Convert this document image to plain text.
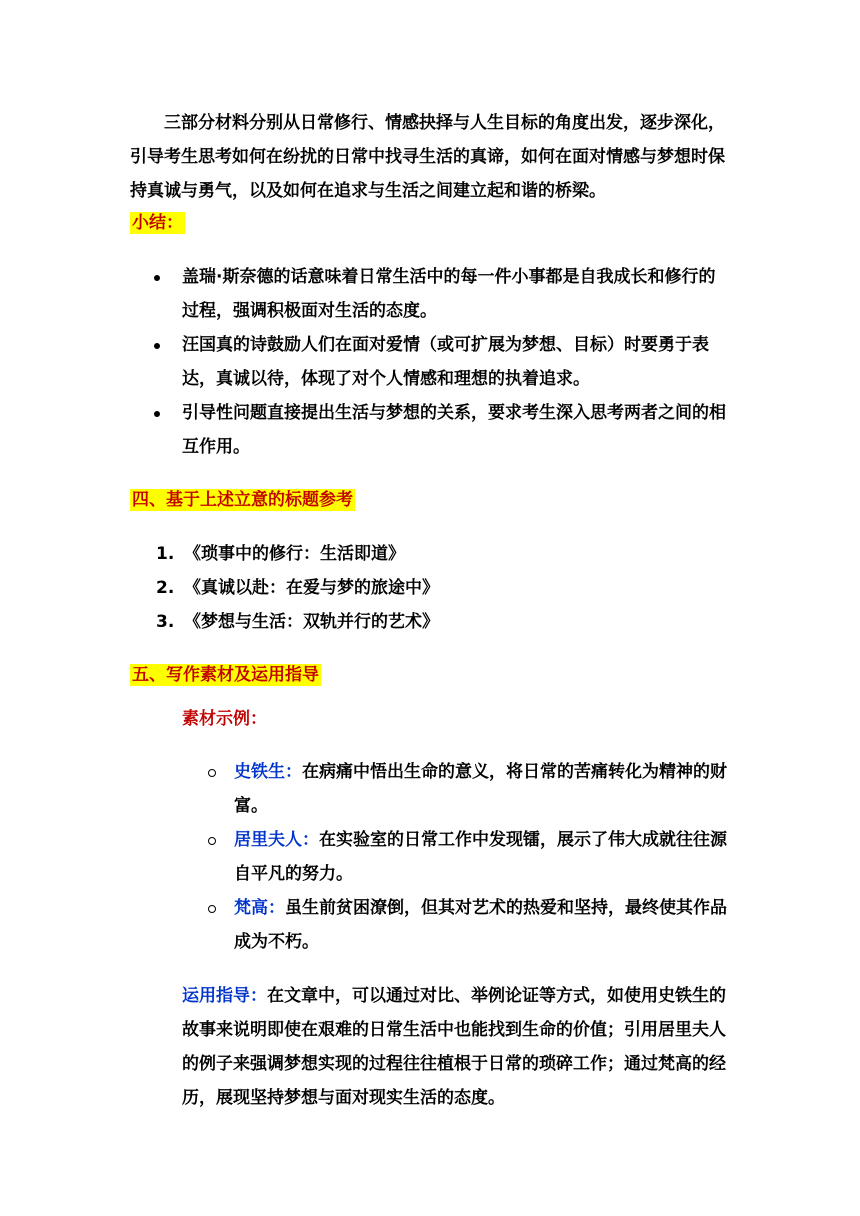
三部分材料分别从日常修行、情感抉择与人生目标的角度出发，逐步深化，引导考生思考如何在纷扰的日常中找寻生活的真谛，如何在面对情感与梦想时保持真诚与勇气，以及如何在追求与生活之间建立起和谐的桥梁。
小结：
盖瑞·斯奈德的话意味着日常生活中的每一件小事都是自我成长和修行的过程，强调积极面对生活的态度。
汪国真的诗鼓励人们在面对爱情（或可扩展为梦想、目标）时要勇于表达，真诚以待，体现了对个人情感和理想的执着追求。
引导性问题直接提出生活与梦想的关系，要求考生深入思考两者之间的相互作用。
四、基于上述立意的标题参考
1. 《琐事中的修行：生活即道》
2. 《真诚以赴：在爱与梦的旅途中》
3. 《梦想与生活：双轨并行的艺术》
五、写作素材及运用指导
素材示例：
史铁生：在病痛中悟出生命的意义，将日常的苦痛转化为精神的财富。
居里夫人：在实验室的日常工作中发现镭，展示了伟大成就往往源自平凡的努力。
梵高：虽生前贫困潦倒，但其对艺术的热爱和坚持，最终使其作品成为不朽。
运用指导：在文章中，可以通过对比、举例论证等方式，如使用史铁生的故事来说明即使在艰难的日常生活中也能找到生命的价值；引用居里夫人的例子来强调梦想实现的过程往往植根于日常的琐碎工作；通过梵高的经历，展现坚持梦想与面对现实生活的态度。
